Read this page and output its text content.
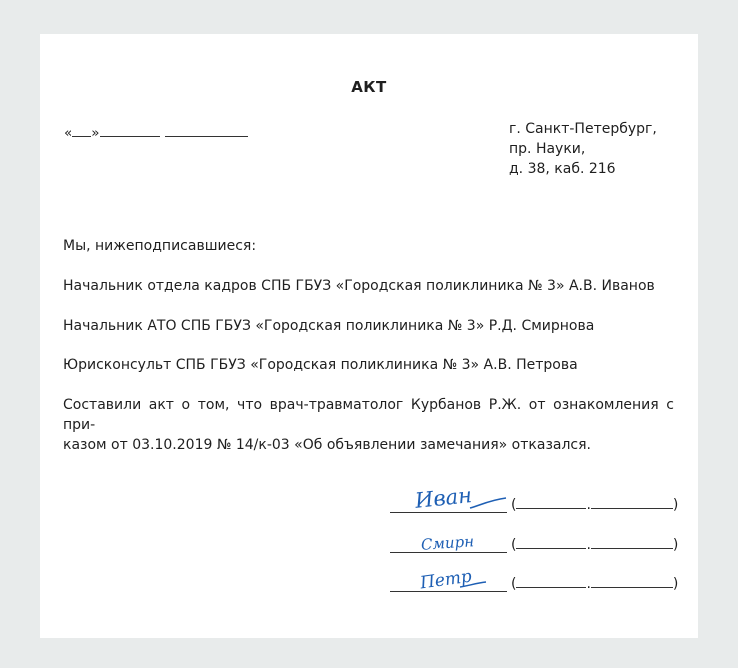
АКТ
« »	г. Санкт-Петербург,
пр. Науки,
д. 38, каб. 216
Мы, нижеподписавшиеся:
Начальник отдела кадров СПБ ГБУЗ «Городская поликлиника № 3» А.В. Иванов
Начальник АТО СПБ ГБУЗ «Городская поликлиника № 3» Р.Д. Смирнова
Юрисконсульт СПБ ГБУЗ «Городская поликлиника № 3» А.В. Петрова
Составили акт о том, что врач-травматолог Курбанов Р.Ж. от ознакомления с при-
казом от 03.10.2019 № 14/к-03 «Об объявлении замечания» отказался.
Иван	(	.	)
Смирн	(	.	)
Петр	(	.	)
